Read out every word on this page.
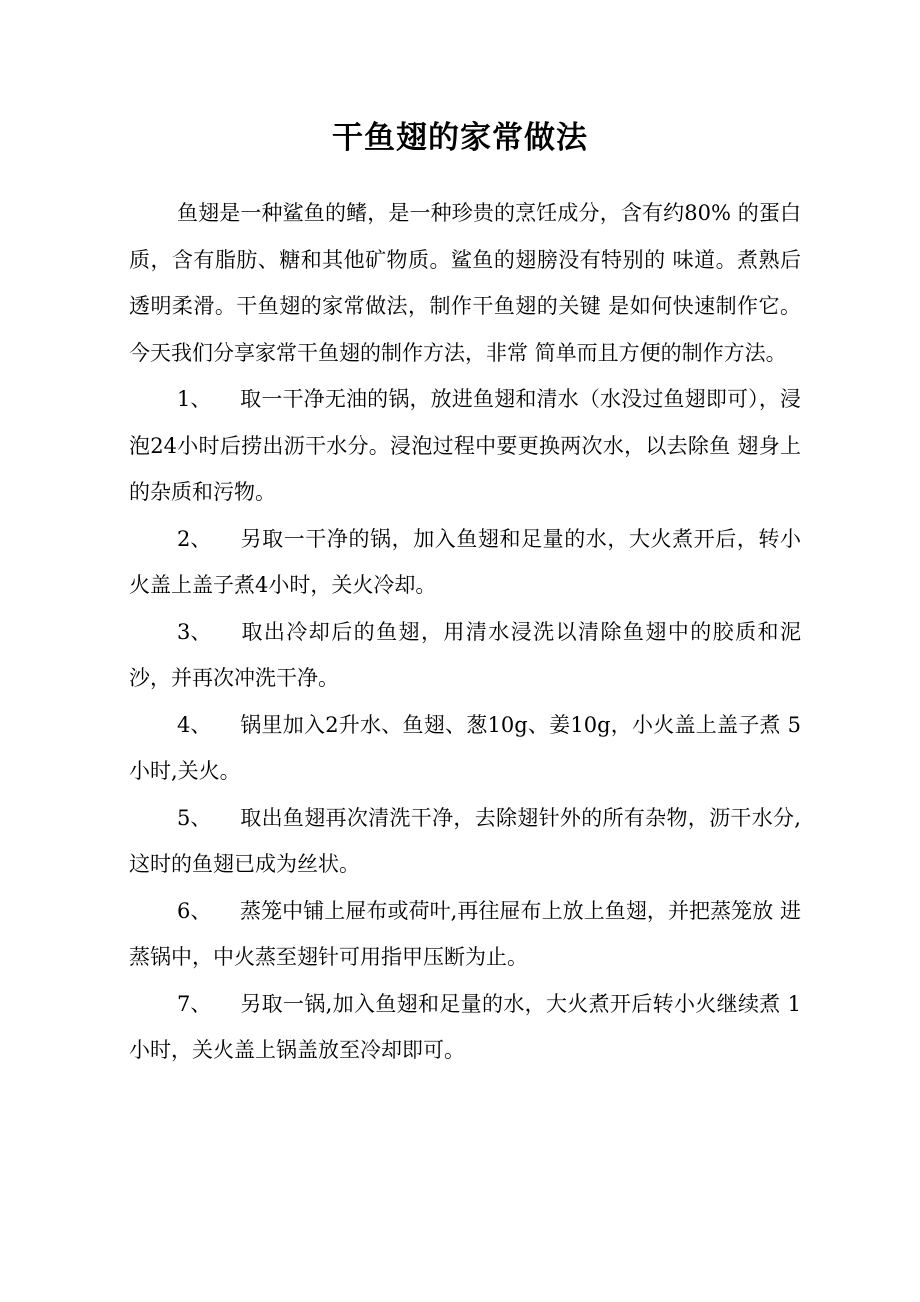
干鱼翅的家常做法

鱼翅是一种鲨鱼的鳍，是一种珍贵的烹饪成分，含有约80% 的蛋白质，含有脂肪、糖和其他矿物质。鲨鱼的翅膀没有特别的 味道。煮熟后透明柔滑。干鱼翅的家常做法，制作干鱼翅的关键 是如何快速制作它。今天我们分享家常干鱼翅的制作方法，非常 简单而且方便的制作方法。

1、 取一干净无油的锅，放进鱼翅和清水（水没过鱼翅即可），浸 泡24小时后捞出沥干水分。浸泡过程中要更换两次水，以去除鱼 翅身上的杂质和污物。

2、 另取一干净的锅，加入鱼翅和足量的水，大火煮开后，转小 火盖上盖子煮4小时，关火冷却。

3、 取出冷却后的鱼翅，用清水浸洗以清除鱼翅中的胶质和泥沙，并再次冲洗干净。

4、 锅里加入2升水、鱼翅、葱10g、姜10g，小火盖上盖子煮 5小时,关火。

5、 取出鱼翅再次清洗干净，去除翅针外的所有杂物，沥干水分, 这时的鱼翅已成为丝状。

6、 蒸笼中铺上屉布或荷叶,再往屉布上放上鱼翅，并把蒸笼放 进蒸锅中，中火蒸至翅针可用指甲压断为止。

7、 另取一锅,加入鱼翅和足量的水，大火煮开后转小火继续煮 1小时，关火盖上锅盖放至冷却即可。
